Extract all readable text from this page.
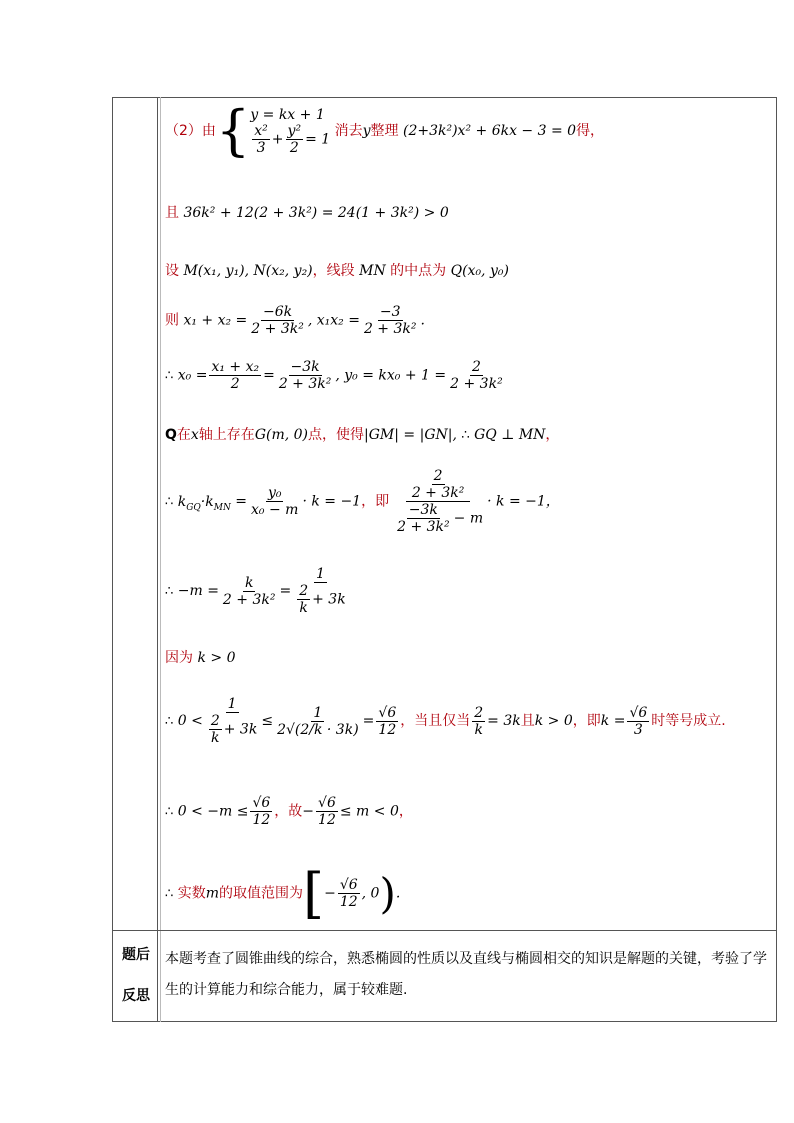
（2）由{ y = kx + 1
$\frac{\text{x²}}{3} + \frac{\text{y²}}{2} = 1$ 消去y整理 (2+3k²)x² + 6kx − 3 = 0得，
且 36k² + 12(2 + 3k²) = 24(1 + 3k²) > 0
设 M(x₁, y₁), N(x₂, y₂)，线段 MN 的中点为 Q(x₀, y₀)
则 $x_1 + x_2 = \frac{-6k}{\text{2 + 3k²}}$ , $x_1x_2 = \frac{-3}{\text{2 + 3k²}}$ .
∴ $x_0 = \frac{\text{x₁ + x₂}}{2} = \frac{-3k}{\text{2 + 3k²}}$ , $y_0 = kx_0 + 1 = \frac{2}{\text{2 + 3k²}}$
Q在x轴上存在G(m, 0)点，使得|GM| = |GN|, ∴ GQ ⊥ MN，
∴ $k_{GQ}\cdot k_{MN} = \frac{\text{y₀}}{\text{x₀ − m}} \cdot k = -1$，即 $\frac{\frac{2}{\text{2 + 3k²}}}{\frac{-3k}{\text{2 + 3k²}} - m} \cdot k = -1$，
∴ $-m = \frac{k}{\text{2 + 3k²}} = \frac{1}{\frac{2}{k} + 3k}$
因为 k > 0
∴ $0 < \frac{1}{\frac{2}{k} + 3k} \le \frac{1}{2√(2/k \cdot 3k)} = \frac{√6}{12}$ ，当且仅当 $\frac{2}{k} = 3k$且k > 0，即$k = \frac{√6}{3}$ 时等号成立.
∴ $0 < -m \le \frac{√6}{12}$ ，故− $\frac{√6}{12} \le m < 0$，
∴ 实数m的取值范围为[− $\frac{√6}{12}$ , 0).
题后
反思
本题考查了圆锥曲线的综合，熟悉椭圆的性质以及直线与椭圆相交的知识是解题的关键，考验了学生的计算能力和综合能力，属于较难题.
